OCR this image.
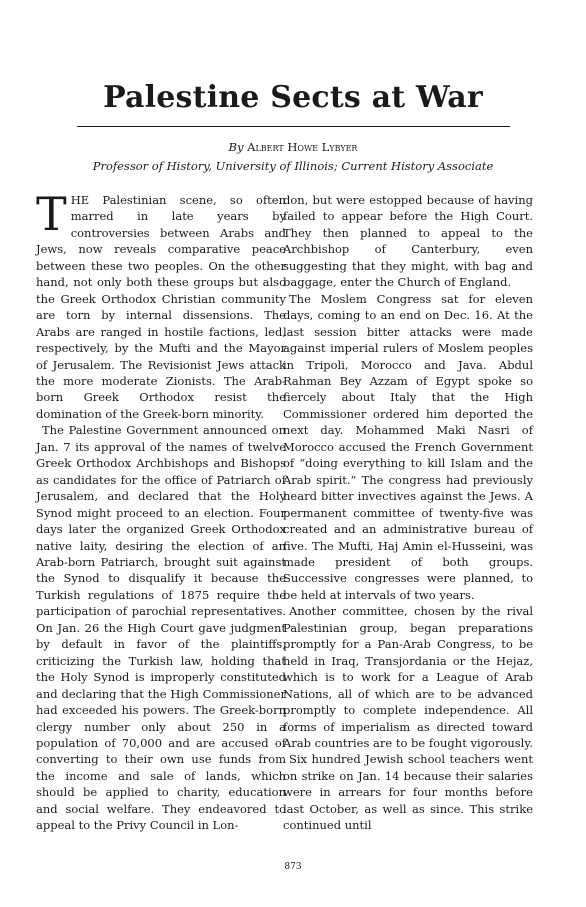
Palestine Sects at War
By Albert Howe Lybyer
Professor of History, University of Illinois; Current History Associate

THE Palestinian scene, so often marred in late years by controversies between Arabs and Jews, now reveals comparative peace between these two peoples. On the other hand, not only both these groups but also the Greek Orthodox Christian community are torn by internal dissensions. The Arabs are ranged in hostile factions, led, respectively, by the Mufti and the Mayor of Jerusalem. The Revisionist Jews attack the more moderate Zionists. The Arab-born Greek Orthodox resist the domination of the Greek-born minority.

The Palestine Government announced on Jan. 7 its approval of the names of twelve Greek Orthodox Archbishops and Bishops as candidates for the office of Patriarch of Jerusalem, and declared that the Holy Synod might proceed to an election. Four days later the organized Greek Orthodox native laity, desiring the election of an Arab-born Patriarch, brought suit against the Synod to disqualify it because the Turkish regulations of 1875 require the participation of parochial representatives. On Jan. 26 the High Court gave judgment by default in favor of the plaintiffs, criticizing the Turkish law, holding that the Holy Synod is improperly constituted and declaring that the High Commissioner had exceeded his powers. The Greek-born clergy number only about 250 in a population of 70,000 and are accused of converting to their own use funds from the income and sale of lands, which should be applied to charity, education and social welfare. They endeavored to appeal to the Privy Council in Lon-

don, but were estopped because of having failed to appear before the High Court. They then planned to appeal to the Archbishop of Canterbury, even suggesting that they might, with bag and baggage, enter the Church of England.

The Moslem Congress sat for eleven days, coming to an end on Dec. 16. At the last session bitter attacks were made against imperial rulers of Moslem peoples in Tripoli, Morocco and Java. Abdul Rahman Bey Azzam of Egypt spoke so fiercely about Italy that the High Commissioner ordered him deported the next day. Mohammed Maki Nasri of Morocco accused the French Government of “doing everything to kill Islam and the Arab spirit.” The congress had previously heard bitter invectives against the Jews. A permanent committee of twenty-five was created and an administrative bureau of five. The Mufti, Haj Amin el-Husseini, was made president of both groups. Successive congresses were planned, to be held at intervals of two years.

Another committee, chosen by the rival Palestinian group, began preparations promptly for a Pan-Arab Congress, to be held in Iraq, Transjordania or the Hejaz, which is to work for a League of Arab Nations, all of which are to be advanced promptly to complete independence. All forms of imperialism as directed toward Arab countries are to be fought vigorously.

Six hundred Jewish school teachers went on strike on Jan. 14 because their salaries were in arrears for four months before last October, as well as since. This strike continued until

873
